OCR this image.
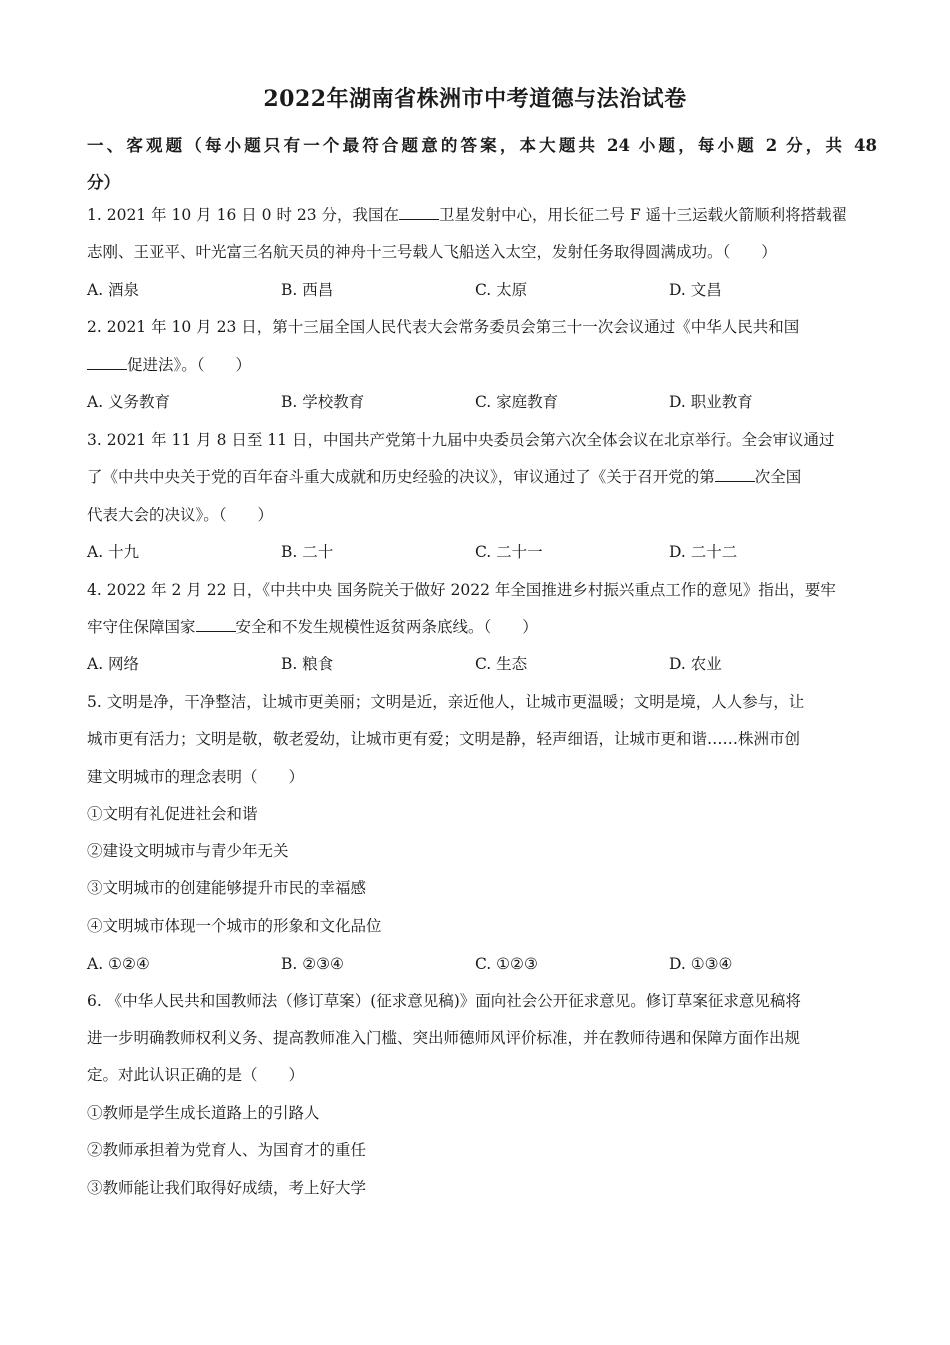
2022年湖南省株洲市中考道德与法治试卷
一、客观题（每小题只有一个最符合题意的答案，本大题共 24 小题，每小题 2 分，共 48
分）
1. 2021 年 10 月 16 日 0 时 23 分，我国在	卫星发射中心，用长征二号 F 遥十三运载火箭顺利将搭载翟
志刚、王亚平、叶光富三名航天员的神舟十三号载人飞船送入太空，发射任务取得圆满成功。（　　）
A. 酒泉	B. 西昌	C. 太原	D. 文昌
2. 2021 年 10 月 23 日，第十三届全国人民代表大会常务委员会第三十一次会议通过《中华人民共和国
促进法》。（　　）
A. 义务教育	B. 学校教育	C. 家庭教育	D. 职业教育
3. 2021 年 11 月 8 日至 11 日，中国共产党第十九届中央委员会第六次全体会议在北京举行。全会审议通过
了《中共中央关于党的百年奋斗重大成就和历史经验的决议》，审议通过了《关于召开党的第	次全国
代表大会的决议》。（　　）
A. 十九	B. 二十	C. 二十一	D. 二十二
4. 2022 年 2 月 22 日，《中共中央 国务院关于做好 2022 年全国推进乡村振兴重点工作的意见》指出，要牢
牢守住保障国家	安全和不发生规模性返贫两条底线。（　　）
A. 网络	B. 粮食	C. 生态	D. 农业
5. 文明是净，干净整洁，让城市更美丽；文明是近，亲近他人，让城市更温暖；文明是境，人人参与，让
城市更有活力；文明是敬，敬老爱幼，让城市更有爱；文明是静，轻声细语，让城市更和谐……株洲市创
建文明城市的理念表明（　　）
①文明有礼促进社会和谐
②建设文明城市与青少年无关
③文明城市的创建能够提升市民的幸福感
④文明城市体现一个城市的形象和文化品位
A. ①②④	B. ②③④	C. ①②③	D. ①③④
6. 《中华人民共和国教师法（修订草案）(征求意见稿)》面向社会公开征求意见。修订草案征求意见稿将
进一步明确教师权利义务、提高教师准入门槛、突出师德师风评价标准，并在教师待遇和保障方面作出规
定。对此认识正确的是（　　）
①教师是学生成长道路上的引路人
②教师承担着为党育人、为国育才的重任
③教师能让我们取得好成绩，考上好大学
